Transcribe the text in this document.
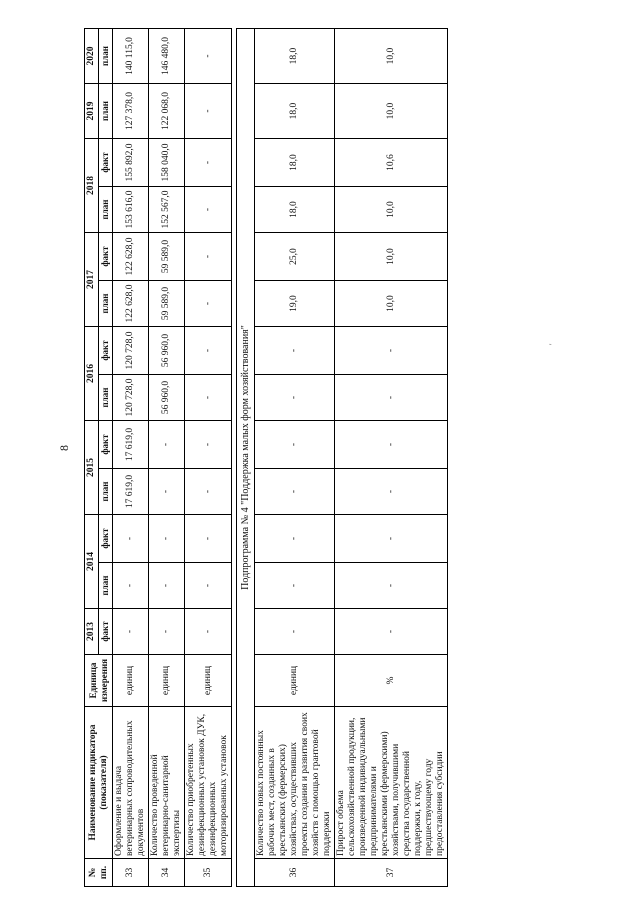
8
'
№ пп.	Наименование индикатора (показателя)	Единица измерения	2013	2014		2015		2016		2017		2018		2019	2020
			факт	план	факт	план	факт	план	факт	план	факт	план	факт	план	план
33	Оформление и выдача ветеринарных сопроводительных документов	единиц	-	-	-	17 619,0	17 619,0	120 728,0	120 728,0	122 628,0	122 628,0	153 616,0	155 892,0	127 378,0	140 115,0
34	Количество проведенной ветеринарно-санитарной экспертизы	единиц	-	-	-	-	-	56 960,0	56 960,0	59 589,0	59 589,0	152 567,0	158 040,0	122 068,0	146 480,0
35	Количество приобретенных дезинфекционных установок ДУК, дезинфекционных моторизированных установок	единиц	-	-	-	-	-	-	-	-	-	-	-	-	-

Подпрограмма № 4 "Поддержка малых форм хозяйствования"															
36	Количество новых постоянных рабочих мест, созданных в крестьянских (фермерских) хозяйствах, осуществивших проекты создания и развития своих хозяйств с помощью грантовой поддержки	единиц	-	-	-	-	-	-	-	19,0	25,0	18,0	18,0	18,0	18,0
37	Прирост объема сельскохозяйственной продукции, произведенной индивидуальными предпринимателями и крестьянскими (фермерскими) хозяйствами, получившими средства государственной поддержки, к году, предшествующему году предоставления субсидии	%	-	-	-	-	-	-	-	10,0	10,0	10,0	10,6	10,0	10,0
